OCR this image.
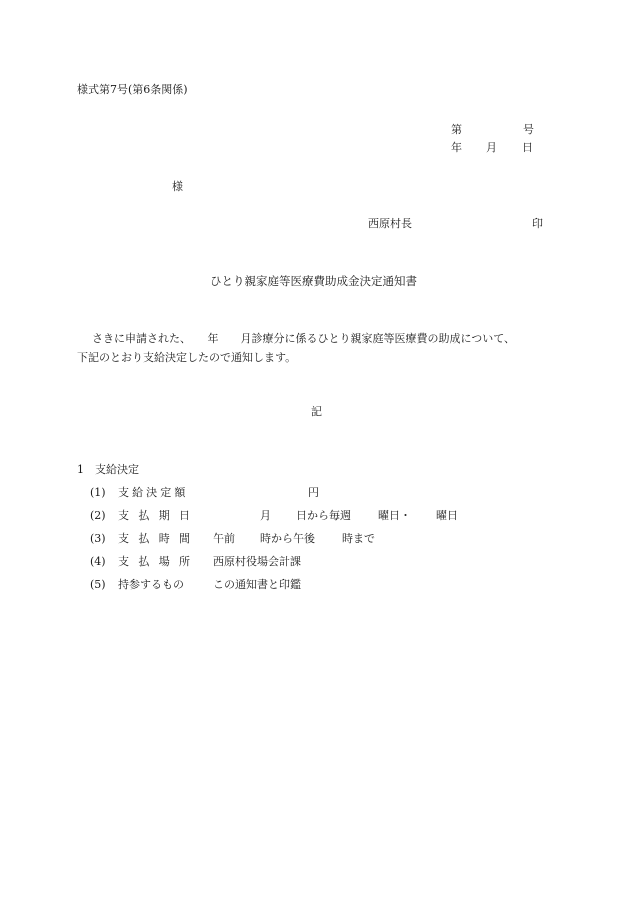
様式第7号(第6条関係)
第	号
年 月 日
様
西原村長	印
ひとり親家庭等医療費助成金決定通知書
さきに申請された、　　年　　月診療分に係るひとり親家庭等医療費の助成について、
下記のとおり支給決定したので通知します。
記
1　支給決定
(1) 支給決定額	円
(2) 支払期日	月 日から毎週 曜日・ 曜日
(3) 支払時間 午前 時から午後 時まで
(4) 支払場所 西原村役場会計課
(5) 持参するもの	この通知書と印鑑
